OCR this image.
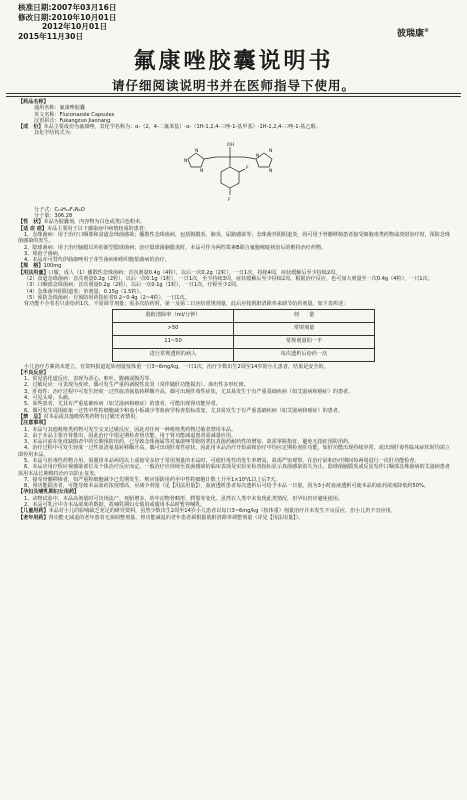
核准日期:2007年03月16日
修改日期:2010年10月01日
2012年10月01日
2015年11月30日	彼瑞康®
氟康唑胶囊说明书
请仔细阅读说明书并在医师指导下使用。

【药品名称】

通用名称：氟康唑胶囊

英文名称：Fluconazole Capsules

汉语拼音：Fukangzuo Jiaonang

【成　份】本品主要成份为氟康唑，其化学名称为：α-（2，4-二氟苯基）-α-（1H-1,2,4-三唑-1-基甲基）-1H-1,2,4-三唑-1-基乙醇。

其化学结构式为：

N
N
N
OH
N
N
N
F
F

分子式：C₁₃H₁₂F₂N₆O

分子量：306.28

【性　状】本品为胶囊剂，内容物为白色或类白色粉末。

【适 应 症】本品主要用于以下感染症中病情较重的患者：

1、念珠菌病：用于治疗口咽部和食道念珠菌感染；播散性念珠菌病，包括腹膜炎、肺炎、尿路感染等；念珠菌外阴阴道炎。尚可用于骨髓移植患者接受细胞毒类药物或放射治疗时，预防念珠菌感染的发生。

2、隐球菌病：用于治疗脑膜以外的新型隐球菌病；治疗隐球菌脑膜炎时，本品可作为两性霉素B联合氟胞嘧啶初治后的维持治疗药物。

3、球孢子菌病。

4、本品亦可替代伊曲康唑用于芽生菌病和组织胞浆菌病的治疗。

【规　格】100mg

【用法用量】口服。成人（1）播散性念珠菌病：首次剂量0.4g（4粒），以后一次0.2g（2粒），一日1次，持续4周，症状缓解后至少持续2周。

（2）食道念珠菌病：首次剂量0.2g（2粒），以后一次0.1g（1粒），一日1次，至少持续3周，症状缓解后至少持续2周。根据治疗反应，也可加大剂量至一次0.4g（4粒），一日1次。

（3）口咽部念珠菌病：首次剂量0.2g（2粒），以后一次0.1g（1粒），一日1次，疗程至少2周。

（4）念珠菌外阴阴道炎：单剂量，0.15g（1.5粒）。

（5）预防念珠菌病：有预防用药指征者0.2~0.4g（2~4粒），一日1次。

肾功能不全者若只需给药1次，不需调节剂量；需多次给药时，第一及第二日应给常规剂量，此后应按肌酐清除率来调节给药剂量。如下表所述：

肌酐清除率（ml/分钟）	剂　　量
>50	常规剂量
11~50	常规剂量的一半
进行常规透析的病人	每次透析后给药一次

小儿治疗方案尚未建立，有资料报道起始剂量按体重一日3~6mg/kg，一日1次，治疗少数出生2周至14岁的小儿患者，结果是安全的。

【不良反应】

1、常见消化道反应，表现为恶心、呕吐、腹痛或腹泻等。

2、过敏反应：可表现为皮疹，偶可发生严重的剥脱性皮炎（常伴随肝功能损害）、渗出性多形红斑。

3、肝毒性：治疗过程中可发生轻度一过性血清氨基转移酶升高，偶可出现肝毒性症状，尤其易发生于有严重基础疾病（如艾滋病和癌症）的患者。

4、可见头晕、头痛。

5、某些患者，尤其有严重基础疾病（如艾滋病和癌症）的患者，可能出现肾功能异常。

6、偶可发生周围血象一过性中性粒细胞减少和血小板减少等血液学检查指标改变，尤其易发生于有严重基础疾病（如艾滋病和癌症）的患者。

【禁　忌】对本品或其他吡咯类药物有过敏史者禁用。

【注意事项】

1、本品与其他吡咯类药物可发生交叉过敏反应，因此对任何一种吡咯类药物过敏者禁用本品。

2、由于本品主要自肾排出，因此治疗中需定期检查肾功能，用于肾功能减退患者需减量应用。

3、本品目前在免疫缺陷者中的长期预防用药，已导致念珠菌属等对氟康唑等吡咯类抗真菌药耐药性的增加，故需掌握指征，避免无指征预防用药。

4、治疗过程中可发生轻度一过性血清氨基转移酶升高，偶可出现肝毒性症状，因此用本品治疗开始前和治疗中均应定期检查肝功能，如肝功能出现持续异常，或出现肝毒性临床症状时均需立即停用本品。

5、本品与肝毒性药物合用、需服用本品两周以上或接受多倍于常用剂量的本品时，可使肝毒性的发生率增高，故需严密观察，在治疗前和治疗期间每两周进行一次肝功能检查。

6、本品应用疗程应视感染部位及个体治疗反应而定。一般治疗应持续至真菌感染的临床表现及实验室检查指标显示真菌感染消失为止。隐球菌脑膜炎或反复发作口咽部念珠菌病的艾滋病患者需用本品长期维持治疗以防止复发。

7、接受骨髓移植者，如严重粒细胞减少已先期发生，则应预防用药至中性粒细胞计数上升至1×10⁹/L以上后7天。

8、肾功能损害者，可能导致本品血药浓度增高，应减少剂量（见【用法用量】），血液透析患者每次透析后可给予本品一日量，因为3小时血液透析可使本品的血药浓度降低约50%。

【孕妇及哺乳期妇女用药】

1、动物试验中，本品高剂量时可出现流产、死胎增多、幼年动物骨畸形、腭裂等变化。虽然在人类中未发现此类情况，但孕妇仍应避免使用。

2、本品可乳汁中含本品浓度的数据，故哺乳期妇女慎用或服用本品时暂停哺乳。

【儿童用药】本品对小儿的影响缺乏充足的研究资料，虽然少数出生2周至14岁小儿患者以每日3~6mg/kg（按体重）剂量治疗并未发生不良反应，但小儿仍不宜应用。

【老年用药】肾功能无减退的老年患者无须调整剂量、肾功能减退的老年患者须根据肌酐清除率调整剂量（详见【用法用量】）。
